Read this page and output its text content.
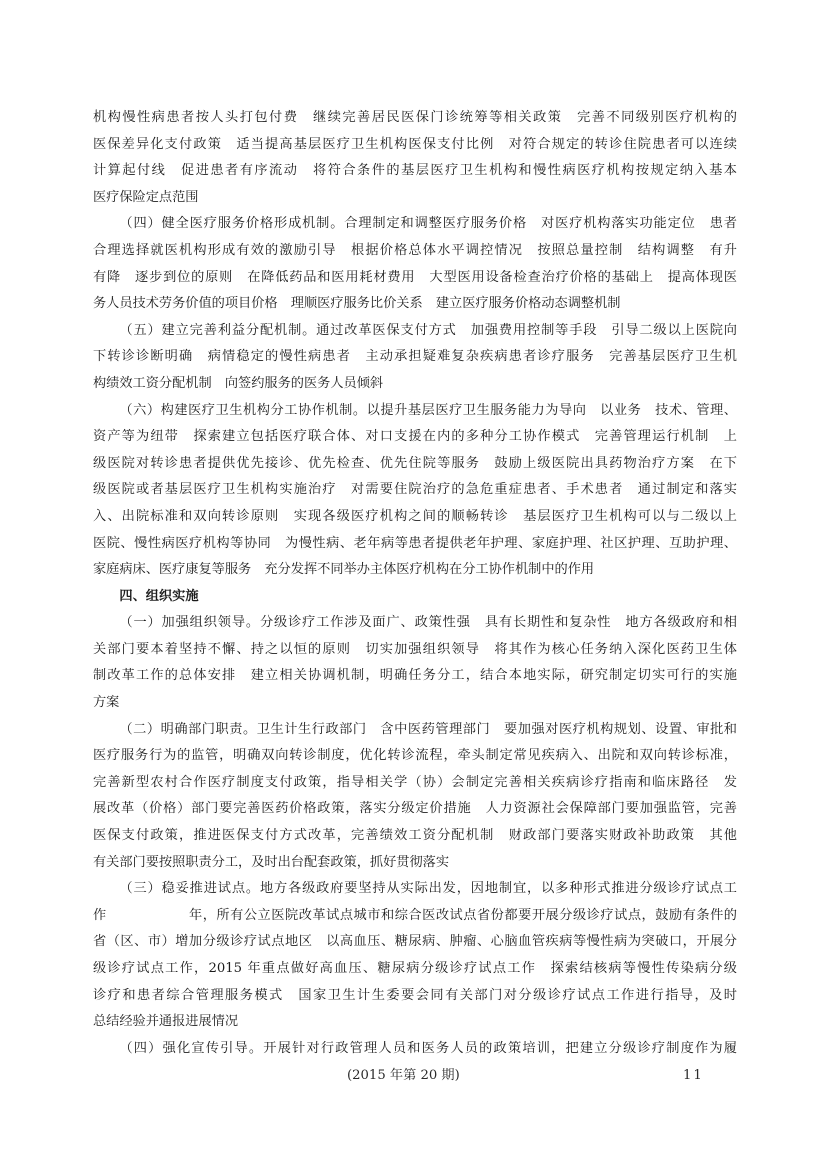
机构慢性病患者按人头打包付费　继续完善居民医保门诊统筹等相关政策　完善不同级别医疗机构的
医保差异化支付政策　适当提高基层医疗卫生机构医保支付比例　对符合规定的转诊住院患者可以连续
计算起付线　促进患者有序流动　将符合条件的基层医疗卫生机构和慢性病医疗机构按规定纳入基本
医疗保险定点范围
（四）健全医疗服务价格形成机制。合理制定和调整医疗服务价格　对医疗机构落实功能定位　患者
合理选择就医机构形成有效的激励引导　根据价格总体水平调控情况　按照总量控制　结构调整　有升
有降　逐步到位的原则　在降低药品和医用耗材费用　大型医用设备检查治疗价格的基础上　提高体现医
务人员技术劳务价值的项目价格　理顺医疗服务比价关系　建立医疗服务价格动态调整机制
（五）建立完善利益分配机制。通过改革医保支付方式　加强费用控制等手段　引导二级以上医院向
下转诊诊断明确　病情稳定的慢性病患者　主动承担疑难复杂疾病患者诊疗服务　完善基层医疗卫生机
构绩效工资分配机制　向签约服务的医务人员倾斜
（六）构建医疗卫生机构分工协作机制。以提升基层医疗卫生服务能力为导向　以业务　技术、管理、
资产等为纽带　探索建立包括医疗联合体、对口支援在内的多种分工协作模式　完善管理运行机制　上
级医院对转诊患者提供优先接诊、优先检查、优先住院等服务　鼓励上级医院出具药物治疗方案　在下
级医院或者基层医疗卫生机构实施治疗　对需要住院治疗的急危重症患者、手术患者　通过制定和落实
入、出院标准和双向转诊原则　实现各级医疗机构之间的顺畅转诊　基层医疗卫生机构可以与二级以上
医院、慢性病医疗机构等协同　为慢性病、老年病等患者提供老年护理、家庭护理、社区护理、互助护理、
家庭病床、医疗康复等服务　充分发挥不同举办主体医疗机构在分工协作机制中的作用
四、组织实施
（一）加强组织领导。分级诊疗工作涉及面广、政策性强　具有长期性和复杂性　地方各级政府和相
关部门要本着坚持不懈、持之以恒的原则　切实加强组织领导　将其作为核心任务纳入深化医药卫生体
制改革工作的总体安排　建立相关协调机制，明确任务分工，结合本地实际，研究制定切实可行的实施
方案
（二）明确部门职责。卫生计生行政部门　含中医药管理部门　要加强对医疗机构规划、设置、审批和
医疗服务行为的监管，明确双向转诊制度，优化转诊流程，牵头制定常见疾病入、出院和双向转诊标准，
完善新型农村合作医疗制度支付政策，指导相关学（协）会制定完善相关疾病诊疗指南和临床路径　发
展改革（价格）部门要完善医药价格政策，落实分级定价措施　人力资源社会保障部门要加强监管，完善
医保支付政策，推进医保支付方式改革，完善绩效工资分配机制　财政部门要落实财政补助政策　其他
有关部门要按照职责分工，及时出台配套政策，抓好贯彻落实
（三）稳妥推进试点。地方各级政府要坚持从实际出发，因地制宜，以多种形式推进分级诊疗试点工
作　　　　　　年，所有公立医院改革试点城市和综合医改试点省份都要开展分级诊疗试点，鼓励有条件的
省（区、市）增加分级诊疗试点地区　以高血压、糖尿病、肿瘤、心脑血管疾病等慢性病为突破口，开展分
级诊疗试点工作，2015 年重点做好高血压、糖尿病分级诊疗试点工作　探索结核病等慢性传染病分级
诊疗和患者综合管理服务模式　国家卫生计生委要会同有关部门对分级诊疗试点工作进行指导，及时
总结经验并通报进展情况
（四）强化宣传引导。开展针对行政管理人员和医务人员的政策培训，把建立分级诊疗制度作为履
(2015 年第 20 期)	11
